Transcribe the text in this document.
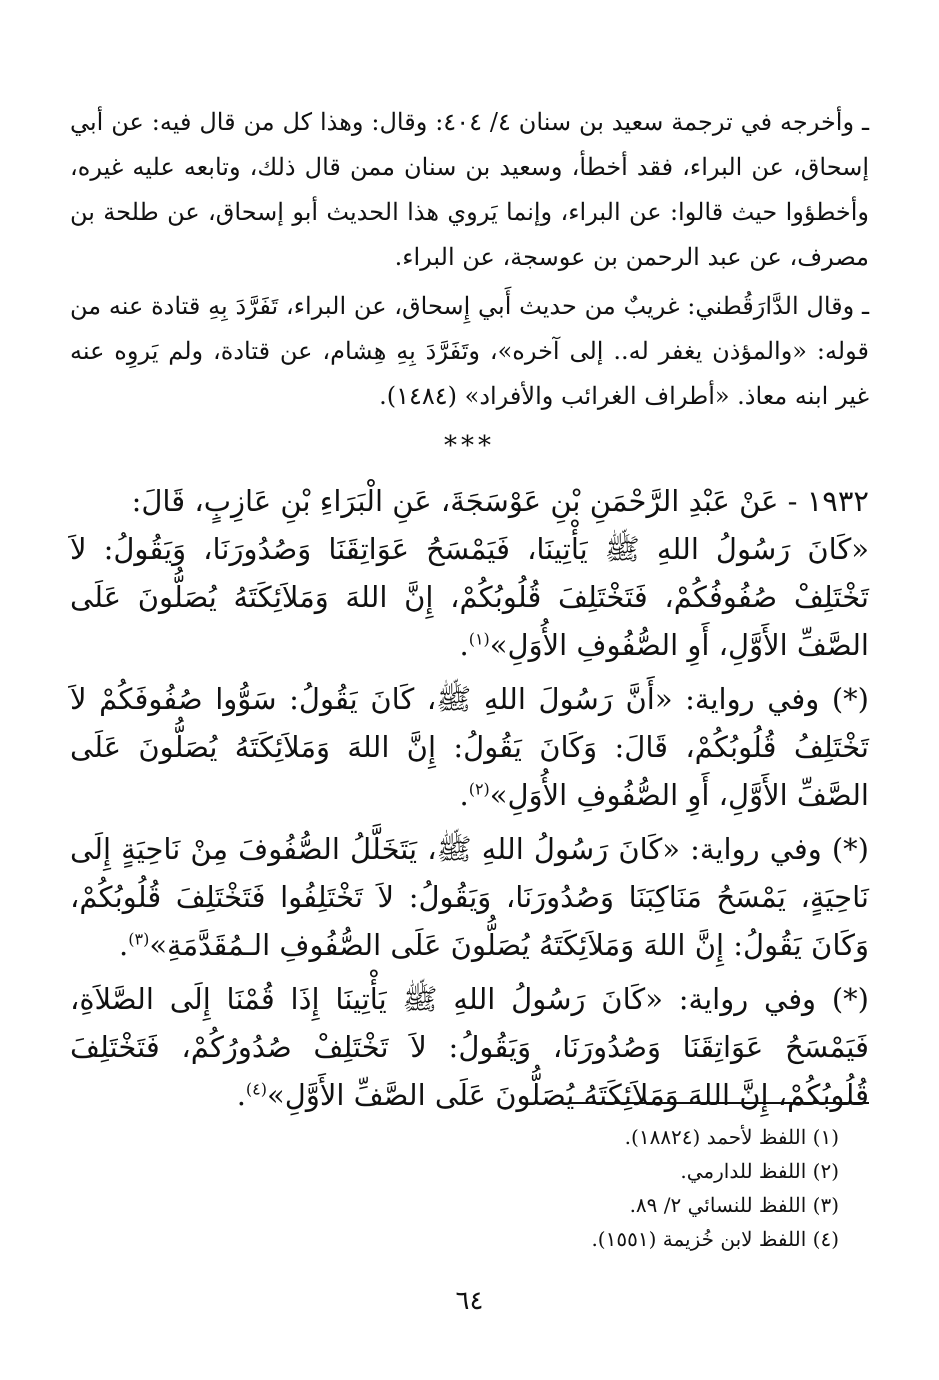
ـ وأخرجه في ترجمة سعيد بن سنان ٤/ ٤٠٤: وقال: وهذا كل من قال فيه: عن أبي إسحاق، عن البراء، فقد أخطأ، وسعيد بن سنان ممن قال ذلك، وتابعه عليه غيره، وأخطؤوا حيث قالوا: عن البراء، وإنما يَروي هذا الحديث أبو إسحاق، عن طلحة بن مصرف، عن عبد الرحمن بن عوسجة، عن البراء.

ـ وقال الدَّارَقُطني: غريبٌ من حديث أَبي إِسحاق، عن البراء، تَفَرَّدَ بِهِ قتادة عنه من قوله: «والمؤذن يغفر له.. إلى آخره»، وتَفَرَّدَ بِهِ هِشام، عن قتادة، ولم يَروِه عنه غير ابنه معاذ. «أطراف الغرائب والأفراد» (١٤٨٤).

***

١٩٣٢ - عَنْ عَبْدِ الرَّحْمَنِ بْنِ عَوْسَجَةَ، عَنِ الْبَرَاءِ بْنِ عَازِبٍ، قَالَ:

«كَانَ رَسُولُ اللهِ ﷺ يَأْتِينَا، فَيَمْسَحُ عَوَاتِقَنَا وَصُدُورَنَا، وَيَقُولُ: لاَ تَخْتَلِفْ صُفُوفُكُمْ، فَتَخْتَلِفَ قُلُوبُكُمْ، إِنَّ اللهَ وَمَلاَئِكَتَهُ يُصَلُّونَ عَلَى الصَّفِّ الأَوَّلِ، أَوِ الصُّفُوفِ الأُوَلِ»$^{(١)}$.

(*) وفي رواية: «أَنَّ رَسُولَ اللهِ ﷺ، كَانَ يَقُولُ: سَوُّوا صُفُوفَكُمْ لاَ تَخْتَلِفُ قُلُوبُكُمْ، قَالَ: وَكَانَ يَقُولُ: إِنَّ اللهَ وَمَلاَئِكَتَهُ يُصَلُّونَ عَلَى الصَّفِّ الأَوَّلِ، أَوِ الصُّفُوفِ الأُوَلِ»$^{(٢)}$.

(*) وفي رواية: «كَانَ رَسُولُ اللهِ ﷺ، يَتَخَلَّلُ الصُّفُوفَ مِنْ نَاحِيَةٍ إِلَى نَاحِيَةٍ، يَمْسَحُ مَنَاكِبَنَا وَصُدُورَنَا، وَيَقُولُ: لاَ تَخْتَلِفُوا فَتَخْتَلِفَ قُلُوبُكُمْ، وَكَانَ يَقُولُ: إِنَّ اللهَ وَمَلاَئِكَتَهُ يُصَلُّونَ عَلَى الصُّفُوفِ الـمُقَدَّمَةِ»$^{(٣)}$.

(*) وفي رواية: «كَانَ رَسُولُ اللهِ ﷺ يَأْتِينَا إِذَا قُمْنَا إِلَى الصَّلاَةِ، فَيَمْسَحُ عَوَاتِقَنَا وَصُدُورَنَا، وَيَقُولُ: لاَ تَخْتَلِفْ صُدُورُكُمْ، فَتَخْتَلِفَ قُلُوبُكُمْ، إِنَّ اللهَ وَمَلاَئِكَتَهُ يُصَلُّونَ عَلَى الصَّفِّ الأَوَّلِ»$^{(٤)}$.

(١) اللفظ لأحمد (١٨٨٢٤).

(٢) اللفظ للدارمي.

(٣) اللفظ للنسائي ٢/ ٨٩.

(٤) اللفظ لابن خُزيمة (١٥٥١).

٦٤
